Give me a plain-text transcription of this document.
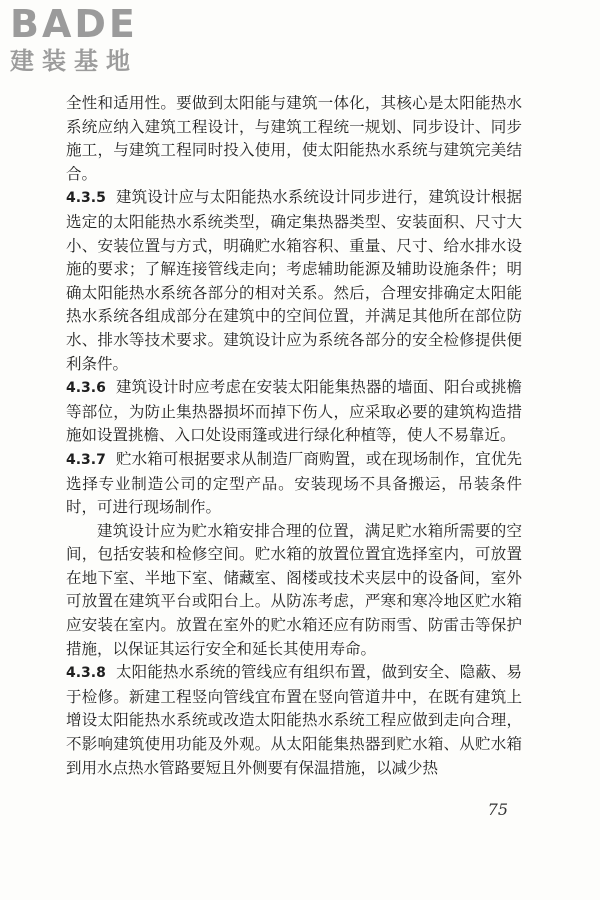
BADE
建装基地

全性和适用性。要做到太阳能与建筑一体化，其核心是太阳能热水系统应纳入建筑工程设计，与建筑工程统一规划、同步设计、同步施工，与建筑工程同时投入使用，使太阳能热水系统与建筑完美结合。

4.3.5 建筑设计应与太阳能热水系统设计同步进行，建筑设计根据选定的太阳能热水系统类型，确定集热器类型、安装面积、尺寸大小、安装位置与方式，明确贮水箱容积、重量、尺寸、给水排水设施的要求；了解连接管线走向；考虑辅助能源及辅助设施条件；明确太阳能热水系统各部分的相对关系。然后，合理安排确定太阳能热水系统各组成部分在建筑中的空间位置，并满足其他所在部位防水、排水等技术要求。建筑设计应为系统各部分的安全检修提供便利条件。

4.3.6 建筑设计时应考虑在安装太阳能集热器的墙面、阳台或挑檐等部位，为防止集热器损坏而掉下伤人，应采取必要的建筑构造措施如设置挑檐、入口处设雨篷或进行绿化种植等，使人不易靠近。

4.3.7 贮水箱可根据要求从制造厂商购置，或在现场制作，宜优先选择专业制造公司的定型产品。安装现场不具备搬运，吊装条件时，可进行现场制作。

建筑设计应为贮水箱安排合理的位置，满足贮水箱所需要的空间，包括安装和检修空间。贮水箱的放置位置宜选择室内，可放置在地下室、半地下室、储藏室、阁楼或技术夹层中的设备间，室外可放置在建筑平台或阳台上。从防冻考虑，严寒和寒冷地区贮水箱应安装在室内。放置在室外的贮水箱还应有防雨雪、防雷击等保护措施，以保证其运行安全和延长其使用寿命。

4.3.8 太阳能热水系统的管线应有组织布置，做到安全、隐蔽、易于检修。新建工程竖向管线宜布置在竖向管道井中，在既有建筑上增设太阳能热水系统或改造太阳能热水系统工程应做到走向合理，不影响建筑使用功能及外观。从太阳能集热器到贮水箱、从贮水箱到用水点热水管路要短且外侧要有保温措施，以减少热

75
